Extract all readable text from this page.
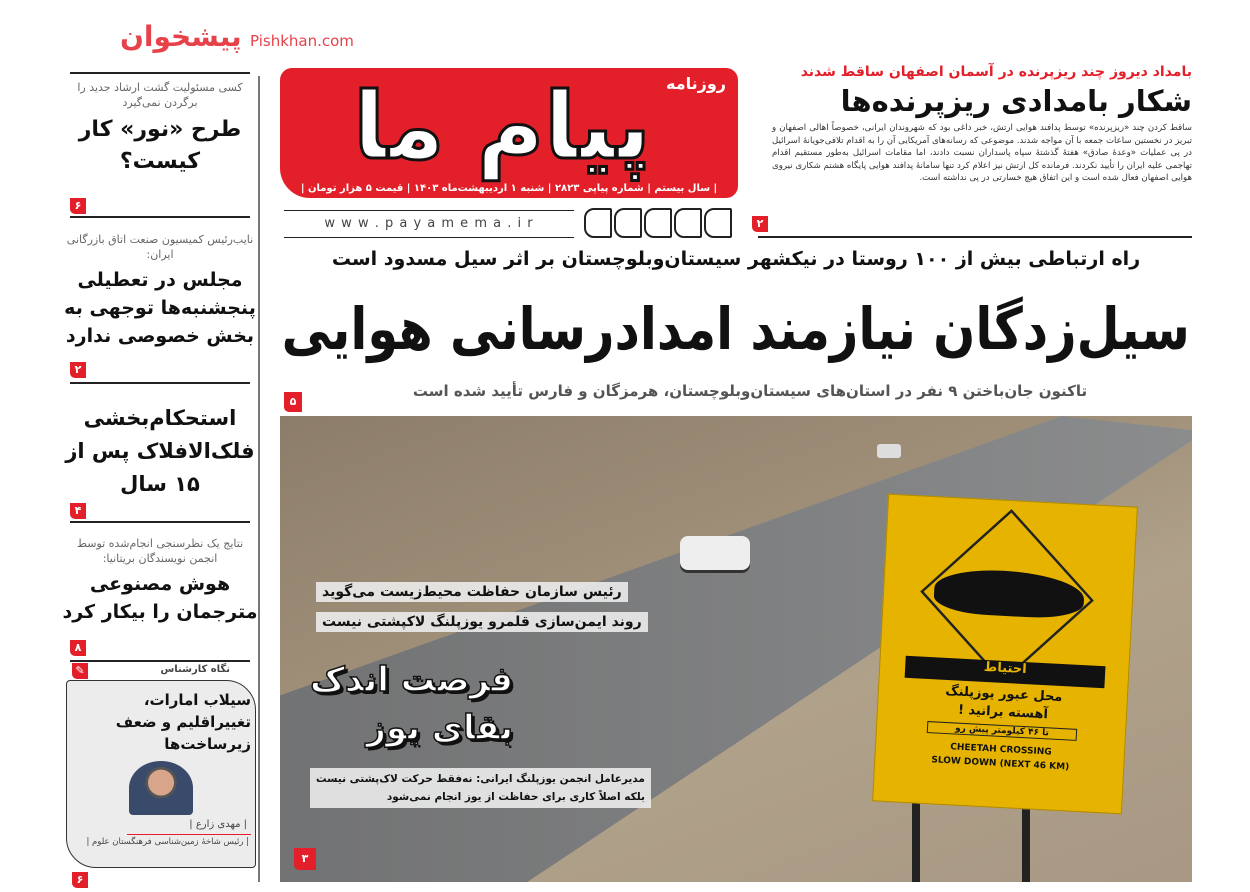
پیشخوان Pishkhan.com
روزنامه
پیام ما
| سال بیستم | شماره پیاپی ۲۸۲۳ | شنبه ۱ اردیبهشت‌ماه ۱۴۰۳ | قیمت ۵ هزار تومان |
w w w . p a y a m e m a . i r
بامداد دیروز چند ریزپرنده در آسمان اصفهان ساقط شدند
شکار بامدادی ریزپرنده‌ها
ساقط کردن چند «ریزپرنده» توسط پدافند هوایی ارتش، خبر داغی بود که شهروندان ایرانی، خصوصاً اهالی اصفهان و تبریز در نخستین ساعات جمعه با آن مواجه شدند. موضوعی که رسانه‌های آمریکایی آن را به اقدام تلافی‌جویانهٔ اسرائیل در پی عملیات «وعدهٔ صادق» هفتهٔ گذشتهٔ سپاه پاسداران نسبت دادند، اما مقامات اسرائیل به‌طور مستقیم اقدام تهاجمی علیه ایران را تأیید نکردند. فرمانده کل ارتش نیز اعلام کرد تنها سامانهٔ پدافند هوایی پایگاه هشتم شکاری نیروی هوایی اصفهان فعال شده است و این اتفاق هیچ خسارتی در پی نداشته است.
۲
راه ارتباطی بیش از ۱۰۰ روستا در نیکشهر سیستان‌وبلوچستان بر اثر سیل مسدود است
سیل‌زدگان نیازمند امدادرسانی هوایی
تاکنون جان‌باختن ۹ نفر در استان‌های سیستان‌وبلوچستان، هرمزگان و فارس تأیید شده است
۵
احتیاط
محل عبور یوزپلنگ
آهسته برانید !
تا ۴۶ کیلومتر پیش رو
CHEETAH CROSSING
SLOW DOWN (NEXT 46 KM)
رئیس سازمان حفاظت محیط‌زیست می‌گوید
روند ایمن‌سازی قلمرو یوزپلنگ لاکپشتی نیست
فرصت اندک
بقای یوز
مدیرعامل انجمن یوزپلنگ ایرانی: نه‌فقط حرکت لاک‌پشتی نیست
بلکه اصلاً کاری برای حفاظت از یوز انجام نمی‌شود
۳
کسی مسئولیت گشت ارشاد جدید را برگردن نمی‌گیرد
طرح «نور» کار کیست؟
۶
نایب‌رئیس کمیسیون صنعت اتاق بازرگانی ایران:
مجلس در تعطیلی پنجشنبه‌ها توجهی به بخش خصوصی ندارد
۲
استحکام‌بخشی فلک‌الافلاک پس از ۱۵ سال
۴
نتایج یک نظرسنجی انجام‌شده توسط انجمن نویسندگان بریتانیا:
هوش مصنوعی مترجمان را بیکار کرد
۸
نگاه کارشناس
✎
سیلاب امارات، تغییراقلیم و ضعف زیرساخت‌ها
| مهدی زارع |
| رئیس شاخهٔ زمین‌شناسی فرهنگستان علوم |
۶
